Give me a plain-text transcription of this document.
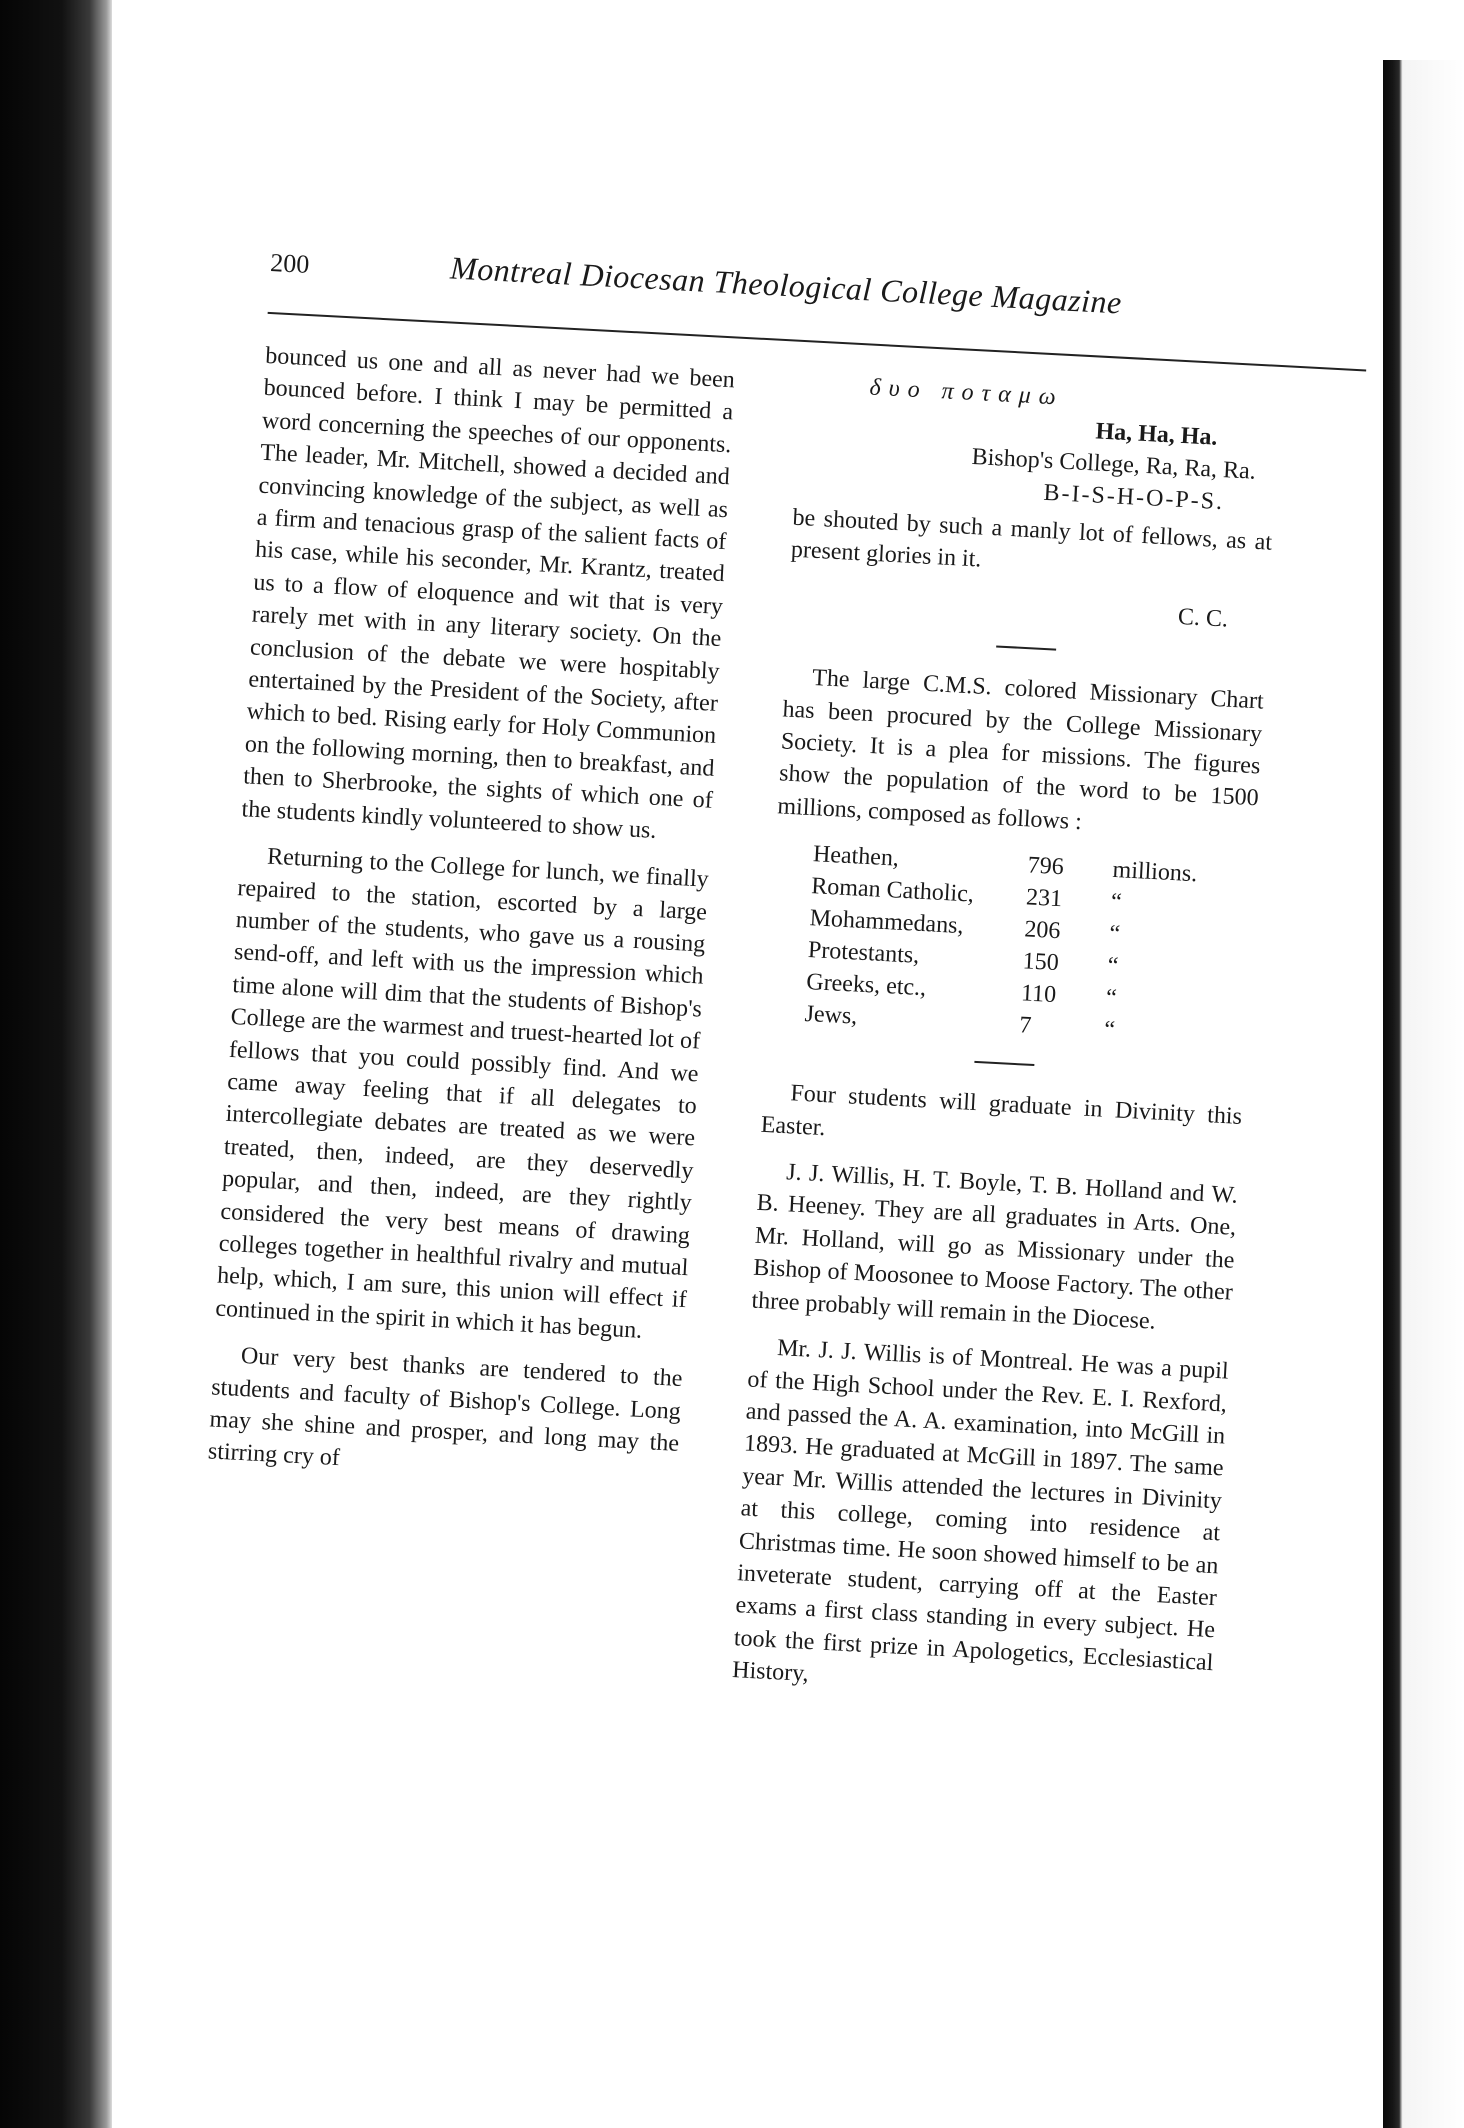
200	Montreal Diocesan Theological College Magazine

bounced us one and all as never had we been bounced before. I think I may be permitted a word concerning the speeches of our opponents. The leader, Mr. Mitchell, showed a decided and convincing knowledge of the subject, as well as a firm and tenacious grasp of the salient facts of his case, while his seconder, Mr. Krantz, treated us to a flow of eloquence and wit that is very rarely met with in any literary society. On the conclusion of the debate we were hospitably entertained by the President of the Society, after which to bed. Rising early for Holy Communion on the following morning, then to breakfast, and then to Sherbrooke, the sights of which one of the students kindly volunteered to show us.

Returning to the College for lunch, we finally repaired to the station, escorted by a large number of the students, who gave us a rousing send-off, and left with us the impression which time alone will dim that the students of Bishop's College are the warmest and truest-hearted lot of fellows that you could possibly find. And we came away feeling that if all delegates to intercollegiate debates are treated as we were treated, then, indeed, are they deservedly popular, and then, indeed, are they rightly considered the very best means of drawing colleges together in healthful rivalry and mutual help, which, I am sure, this union will effect if continued in the spirit in which it has begun.

Our very best thanks are tendered to the students and faculty of Bishop's College. Long may she shine and prosper, and long may the stirring cry of

δυο ποταμω
Ha, Ha, Ha.
Bishop's College, Ra, Ra, Ra.
B-I-S-H-O-P-S.

be shouted by such a manly lot of fellows, as at present glories in it.

C. C.

The large C.M.S. colored Missionary Chart has been procured by the College Missionary Society. It is a plea for missions. The figures show the population of the word to be 1500 millions, composed as follows :

Heathen,	796	millions.
Roman Catholic,	231	“
Mohammedans,	206	“
Protestants,	150	“
Greeks, etc.,	110	“
Jews,	7	“

Four students will graduate in Divinity this Easter.

J. J. Willis, H. T. Boyle, T. B. Holland and W. B. Heeney. They are all graduates in Arts. One, Mr. Holland, will go as Missionary under the Bishop of Moosonee to Moose Factory. The other three probably will remain in the Diocese.

Mr. J. J. Willis is of Montreal. He was a pupil of the High School under the Rev. E. I. Rexford, and passed the A. A. examination, into McGill in 1893. He graduated at McGill in 1897. The same year Mr. Willis attended the lectures in Divinity at this college, coming into residence at Christmas time. He soon showed himself to be an inveterate student, carrying off at the Easter exams a first class standing in every subject. He took the first prize in Apologetics, Ecclesiastical History,
